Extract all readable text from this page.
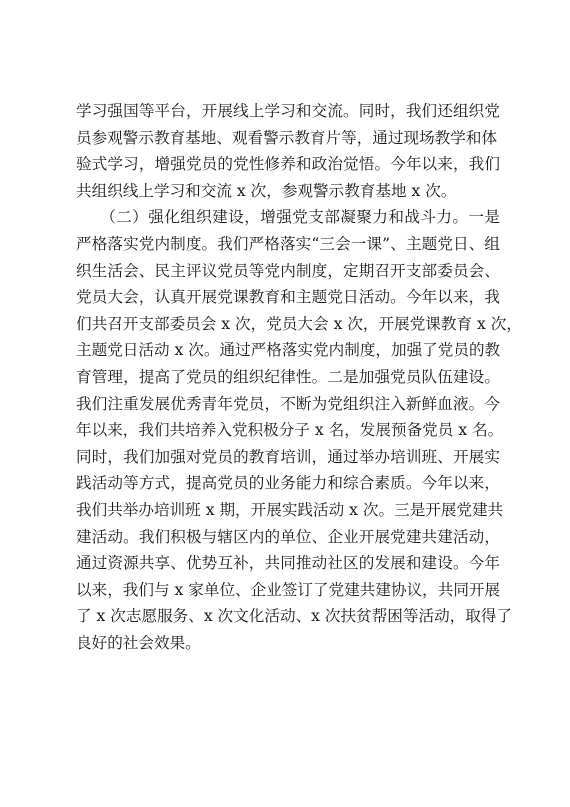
学习强国等平台，开展线上学习和交流。同时，我们还组织党
员参观警示教育基地、观看警示教育片等，通过现场教学和体
验式学习，增强党员的党性修养和政治觉悟。今年以来，我们
共组织线上学习和交流 x 次，参观警示教育基地 x 次。
　　（二）强化组织建设，增强党支部凝聚力和战斗力。一是
严格落实党内制度。我们严格落实“三会一课”、主题党日、组
织生活会、民主评议党员等党内制度，定期召开支部委员会、
党员大会，认真开展党课教育和主题党日活动。今年以来，我
们共召开支部委员会 x 次，党员大会 x 次，开展党课教育 x 次，
主题党日活动 x 次。通过严格落实党内制度，加强了党员的教
育管理，提高了党员的组织纪律性。二是加强党员队伍建设。
我们注重发展优秀青年党员，不断为党组织注入新鲜血液。今
年以来，我们共培养入党积极分子 x 名，发展预备党员 x 名。
同时，我们加强对党员的教育培训，通过举办培训班、开展实
践活动等方式，提高党员的业务能力和综合素质。今年以来，
我们共举办培训班 x 期，开展实践活动 x 次。三是开展党建共
建活动。我们积极与辖区内的单位、企业开展党建共建活动，
通过资源共享、优势互补，共同推动社区的发展和建设。今年
以来，我们与 x 家单位、企业签订了党建共建协议，共同开展
了 x 次志愿服务、x 次文化活动、x 次扶贫帮困等活动，取得了
良好的社会效果。
